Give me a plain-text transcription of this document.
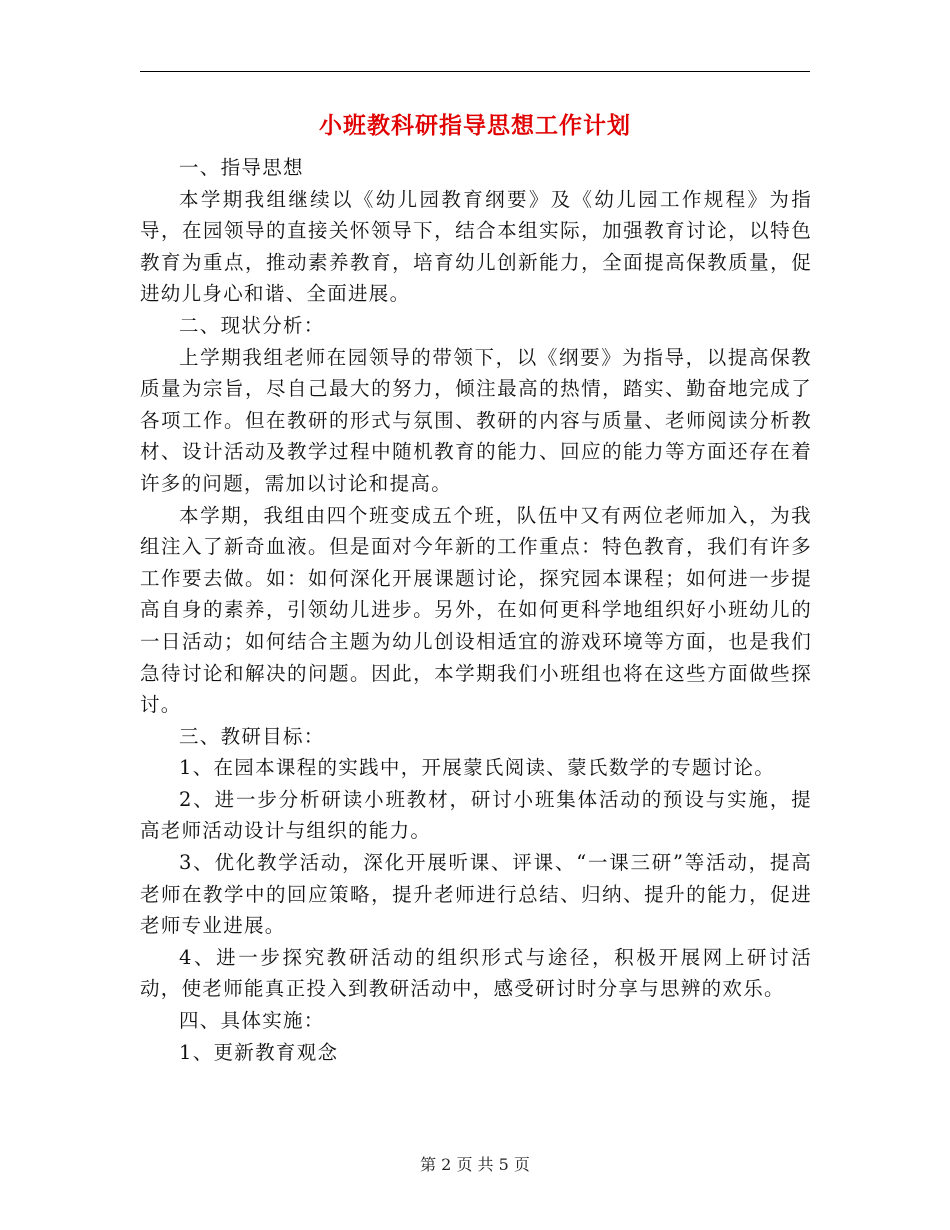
小班教科研指导思想工作计划

一、指导思想

本学期我组继续以《幼儿园教育纲要》及《幼儿园工作规程》为指导，在园领导的直接关怀领导下，结合本组实际，加强教育讨论，以特色教育为重点，推动素养教育，培育幼儿创新能力，全面提高保教质量，促进幼儿身心和谐、全面进展。

二、现状分析：

上学期我组老师在园领导的带领下，以《纲要》为指导，以提高保教质量为宗旨，尽自己最大的努力，倾注最高的热情，踏实、勤奋地完成了各项工作。但在教研的形式与氛围、教研的内容与质量、老师阅读分析教材、设计活动及教学过程中随机教育的能力、回应的能力等方面还存在着许多的问题，需加以讨论和提高。

本学期，我组由四个班变成五个班，队伍中又有两位老师加入，为我组注入了新奇血液。但是面对今年新的工作重点：特色教育，我们有许多工作要去做。如：如何深化开展课题讨论，探究园本课程；如何进一步提高自身的素养，引领幼儿进步。另外，在如何更科学地组织好小班幼儿的一日活动；如何结合主题为幼儿创设相适宜的游戏环境等方面，也是我们急待讨论和解决的问题。因此，本学期我们小班组也将在这些方面做些探讨。

三、教研目标：

1、在园本课程的实践中，开展蒙氏阅读、蒙氏数学的专题讨论。

2、进一步分析研读小班教材，研讨小班集体活动的预设与实施，提高老师活动设计与组织的能力。

3、优化教学活动，深化开展听课、评课、“一课三研”等活动，提高老师在教学中的回应策略，提升老师进行总结、归纳、提升的能力，促进老师专业进展。

4、进一步探究教研活动的组织形式与途径，积极开展网上研讨活动，使老师能真正投入到教研活动中，感受研讨时分享与思辨的欢乐。

四、具体实施：

1、更新教育观念

第 2 页 共 5 页
